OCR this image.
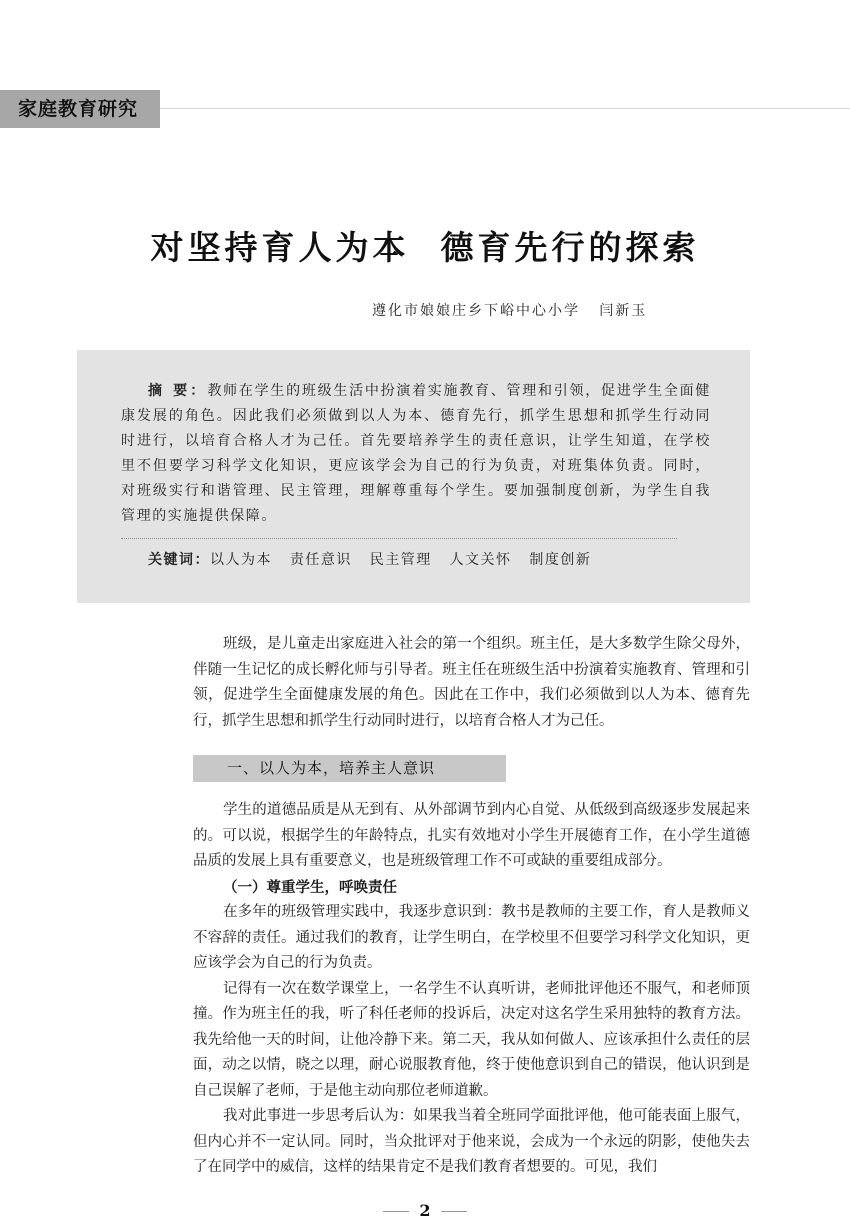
家庭教育研究
对坚持育人为本  德育先行的探索
遵化市娘娘庄乡下峪中心小学   闫新玉
摘 要：教师在学生的班级生活中扮演着实施教育、管理和引领，促进学生全面健康发展的角色。因此我们必须做到以人为本、德育先行，抓学生思想和抓学生行动同时进行，以培育合格人才为己任。首先要培养学生的责任意识，让学生知道，在学校里不但要学习科学文化知识，更应该学会为自己的行为负责，对班集体负责。同时，对班级实行和谐管理、民主管理，理解尊重每个学生。要加强制度创新，为学生自我管理的实施提供保障。
关键词：以人为本   责任意识   民主管理   人文关怀   制度创新

班级，是儿童走出家庭进入社会的第一个组织。班主任，是大多数学生除父母外，伴随一生记忆的成长孵化师与引导者。班主任在班级生活中扮演着实施教育、管理和引领，促进学生全面健康发展的角色。因此在工作中，我们必须做到以人为本、德育先行，抓学生思想和抓学生行动同时进行，以培育合格人才为己任。

一、以人为本，培养主人意识

学生的道德品质是从无到有、从外部调节到内心自觉、从低级到高级逐步发展起来的。可以说，根据学生的年龄特点，扎实有效地对小学生开展德育工作，在小学生道德品质的发展上具有重要意义，也是班级管理工作不可或缺的重要组成部分。

（一）尊重学生，呼唤责任

在多年的班级管理实践中，我逐步意识到：教书是教师的主要工作，育人是教师义不容辞的责任。通过我们的教育，让学生明白，在学校里不但要学习科学文化知识，更应该学会为自己的行为负责。

记得有一次在数学课堂上，一名学生不认真听讲，老师批评他还不服气，和老师顶撞。作为班主任的我，听了科任老师的投诉后，决定对这名学生采用独特的教育方法。我先给他一天的时间，让他冷静下来。第二天，我从如何做人、应该承担什么责任的层面，动之以情，晓之以理，耐心说服教育他，终于使他意识到自己的错误，他认识到是自己误解了老师，于是他主动向那位老师道歉。

我对此事进一步思考后认为：如果我当着全班同学面批评他，他可能表面上服气，但内心并不一定认同。同时，当众批评对于他来说，会成为一个永远的阴影，使他失去了在同学中的威信，这样的结果肯定不是我们教育者想要的。可见，我们

2
